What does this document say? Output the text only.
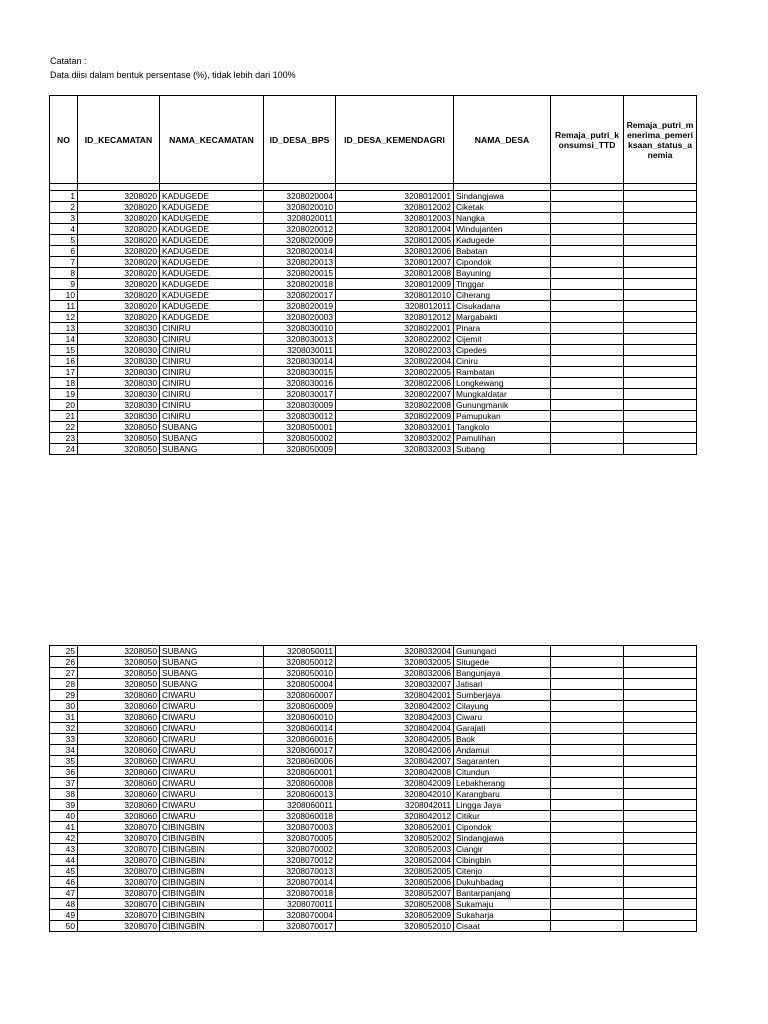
Catatan :
Data diisi dalam bentuk persentase (%), tidak lebih dari 100%
NO	ID_KECAMATAN	NAMA_KECAMATAN	ID_DESA_BPS	ID_DESA_KEMENDAGRI	NAMA_DESA	Remaja_putri_konsumsi_TTD	Remaja_putri_menerima_pemeriksaan_status_anemia

1	3208020	KADUGEDE	3208020004	3208012001	Sindangjawa		
2	3208020	KADUGEDE	3208020010	3208012002	Ciketak		
3	3208020	KADUGEDE	3208020011	3208012003	Nangka		
4	3208020	KADUGEDE	3208020012	3208012004	Windujanten		
5	3208020	KADUGEDE	3208020009	3208012005	Kadugede		
6	3208020	KADUGEDE	3208020014	3208012006	Babatan		
7	3208020	KADUGEDE	3208020013	3208012007	Cipondok		
8	3208020	KADUGEDE	3208020015	3208012008	Bayuning		
9	3208020	KADUGEDE	3208020018	3208012009	Tinggar		
10	3208020	KADUGEDE	3208020017	3208012010	Ciherang		
11	3208020	KADUGEDE	3208020019	3208012011	Cisukadana		
12	3208020	KADUGEDE	3208020003	3208012012	Margabakti		
13	3208030	CINIRU	3208030010	3208022001	Pinara		
14	3208030	CINIRU	3208030013	3208022002	Cijemit		
15	3208030	CINIRU	3208030011	3208022003	Cipedes		
16	3208030	CINIRU	3208030014	3208022004	Ciniru		
17	3208030	CINIRU	3208030015	3208022005	Rambatan		
18	3208030	CINIRU	3208030016	3208022006	Longkewang		
19	3208030	CINIRU	3208030017	3208022007	Mungkaldatar		
20	3208030	CINIRU	3208030009	3208022008	Gunungmanik		
21	3208030	CINIRU	3208030012	3208022009	Pamupukan		
22	3208050	SUBANG	3208050001	3208032001	Tangkolo		
23	3208050	SUBANG	3208050002	3208032002	Pamulihan		
24	3208050	SUBANG	3208050009	3208032003	Subang		
25	3208050	SUBANG	3208050011	3208032004	Gunungaci		
26	3208050	SUBANG	3208050012	3208032005	Situgede		
27	3208050	SUBANG	3208050010	3208032006	Bangunjaya		
28	3208050	SUBANG	3208050004	3208032007	Jatisari		
29	3208060	CIWARU	3208060007	3208042001	Sumberjaya		
30	3208060	CIWARU	3208060009	3208042002	Cilayung		
31	3208060	CIWARU	3208060010	3208042003	Ciwaru		
32	3208060	CIWARU	3208060014	3208042004	Garajati		
33	3208060	CIWARU	3208060016	3208042005	Baok		
34	3208060	CIWARU	3208060017	3208042006	Andamui		
35	3208060	CIWARU	3208060006	3208042007	Sagaranten		
36	3208060	CIWARU	3208060001	3208042008	Citundun		
37	3208060	CIWARU	3208060008	3208042009	Lebakherang		
38	3208060	CIWARU	3208060013	3208042010	Karangbaru		
39	3208060	CIWARU	3208060011	3208042011	Lingga Jaya		
40	3208060	CIWARU	3208060018	3208042012	Citikur		
41	3208070	CIBINGBIN	3208070003	3208052001	Cipondok		
42	3208070	CIBINGBIN	3208070005	3208052002	Sindangjawa		
43	3208070	CIBINGBIN	3208070002	3208052003	Ciangir		
44	3208070	CIBINGBIN	3208070012	3208052004	Cibingbin		
45	3208070	CIBINGBIN	3208070013	3208052005	Citenjo		
46	3208070	CIBINGBIN	3208070014	3208052006	Dukuhbadag		
47	3208070	CIBINGBIN	3208070018	3208052007	Bantarpanjang		
48	3208070	CIBINGBIN	3208070011	3208052008	Sukamaju		
49	3208070	CIBINGBIN	3208070004	3208052009	Sukaharja		
50	3208070	CIBINGBIN	3208070017	3208052010	Cisaat		
